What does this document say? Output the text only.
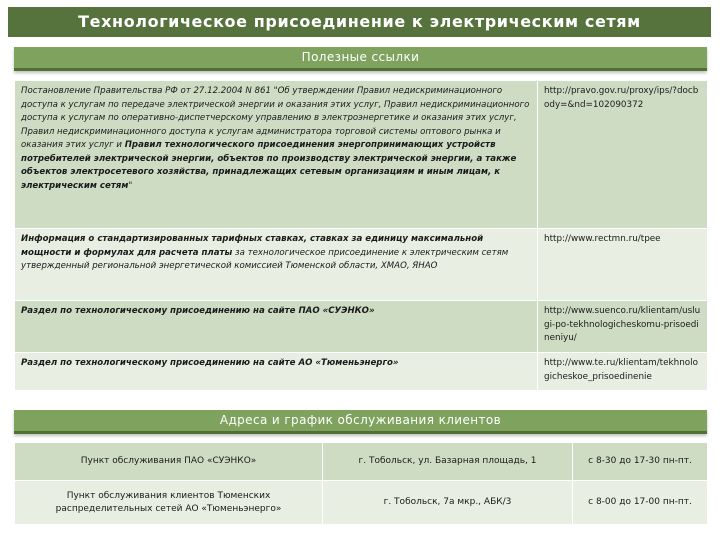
Технологическое присоединение к электрическим сетям
Полезные ссылки
Постановление Правительства РФ от 27.12.2004 N 861 "Об утверждении Правил недискриминационного доступа к услугам по передаче электрической энергии и оказания этих услуг, Правил недискриминационного доступа к услугам по оперативно-диспетчерскому управлению в электроэнергетике и оказания этих услуг, Правил недискриминационного доступа к услугам администратора торговой системы оптового рынка и оказания этих услуг и Правил технологического присоединения энергопринимающих устройств потребителей электрической энергии, объектов по производству электрической энергии, а также объектов электросетевого хозяйства, принадлежащих сетевым организациям и иным лицам, к электрическим сетям"	http://pravo.gov.ru/proxy/ips/?docbody=&nd=102090372
Информация о стандартизированных тарифных ставках, ставках за единицу максимальной мощности и формулах для расчета платы за технологическое присоединение к электрическим сетям утвержденный региональной энергетической комиссией Тюменской области, ХМАО, ЯНАО	http://www.rectmn.ru/tpee
Раздел по технологическому присоединению на сайте ПАО «СУЭНКО»	http://www.suenco.ru/klientam/uslugi-po-tekhnologicheskomu-prisoedineniyu/
Раздел по технологическому присоединению на сайте АО «Тюменьэнерго»	http://www.te.ru/klientam/tekhnologicheskoe_prisoedinenie
Адреса и график обслуживания клиентов
Пункт обслуживания ПАО «СУЭНКО»	г. Тобольск, ул. Базарная площадь, 1	с 8-30 до 17-30 пн-пт.
Пункт обслуживания клиентов Тюменских распределительных сетей АО «Тюменьэнерго»	г. Тобольск, 7а мкр., АБК/3	с 8-00 до 17-00 пн-пт.
